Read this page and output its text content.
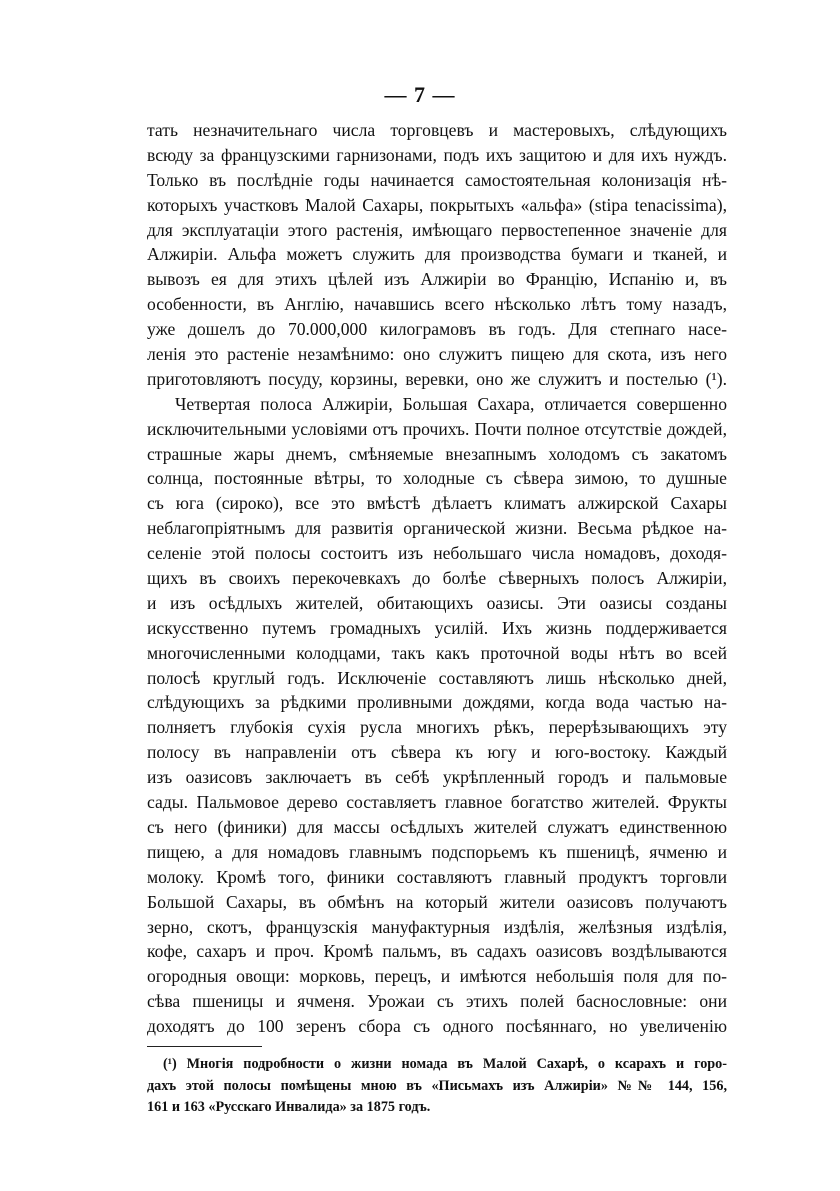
— 7 —
тать незначительнаго числа торговцевъ и мастеровыхъ, слѣдующихъ
всюду за французскими гарнизонами, подъ ихъ защитою и для ихъ нуждъ.
Только въ послѣдніе годы начинается самостоятельная колонизація нѣ-
которыхъ участковъ Малой Сахары, покрытыхъ «альфа» (stipa tenacissima),
для эксплуатаціи этого растенія, имѣющаго первостепенное значеніе для
Алжиріи. Альфа можетъ служить для производства бумаги и тканей, и
вывозъ ея для этихъ цѣлей изъ Алжиріи во Францію, Испанію и, въ
особенности, въ Англію, начавшись всего нѣсколько лѣтъ тому назадъ,
уже дошелъ до 70.000,000 килограмовъ въ годъ. Для степнаго насе-
ленія это растеніе незамѣнимо: оно служитъ пищею для скота, изъ него
приготовляютъ посуду, корзины, веревки, оно же служитъ и постелью (¹).
Четвертая полоса Алжиріи, Большая Сахара, отличается совершенно
исключительными условіями отъ прочихъ. Почти полное отсутствіе дождей,
страшные жары днемъ, смѣняемые внезапнымъ холодомъ съ закатомъ
солнца, постоянные вѣтры, то холодные съ сѣвера зимою, то душные
съ юга (сироко), все это вмѣстѣ дѣлаетъ климатъ алжирской Сахары
неблагопріятнымъ для развитія органической жизни. Весьма рѣдкое на-
селеніе этой полосы состоитъ изъ небольшаго числа номадовъ, доходя-
щихъ въ своихъ перекочевкахъ до болѣе сѣверныхъ полосъ Алжиріи,
и изъ осѣдлыхъ жителей, обитающихъ оазисы. Эти оазисы созданы
искусственно путемъ громадныхъ усилій. Ихъ жизнь поддерживается
многочисленными колодцами, такъ какъ проточной воды нѣтъ во всей
полосѣ круглый годъ. Исключеніе составляютъ лишь нѣсколько дней,
слѣдующихъ за рѣдкими проливными дождями, когда вода частью на-
полняетъ глубокія сухія русла многихъ рѣкъ, перерѣзывающихъ эту
полосу въ направленіи отъ сѣвера къ югу и юго-востоку. Каждый
изъ оазисовъ заключаетъ въ себѣ укрѣпленный городъ и пальмовые
сады. Пальмовое дерево составляетъ главное богатство жителей. Фрукты
съ него (финики) для массы осѣдлыхъ жителей служатъ единственною
пищею, а для номадовъ главнымъ подспорьемъ къ пшеницѣ, ячменю и
молоку. Кромѣ того, финики составляютъ главный продуктъ торговли
Большой Сахары, въ обмѣнъ на который жители оазисовъ получаютъ
зерно, скотъ, французскія мануфактурныя издѣлія, желѣзныя издѣлія,
кофе, сахаръ и проч. Кромѣ пальмъ, въ садахъ оазисовъ воздѣлываются
огородныя овощи: морковь, перецъ, и имѣются небольшія поля для по-
сѣва пшеницы и ячменя. Урожаи съ этихъ полей баснословные: они
доходятъ до 100 зеренъ сбора съ одного посѣяннаго, но увеличенію
(¹) Многія подробности о жизни номада въ Малой Сахарѣ, о ксарахъ и горо-
дахъ этой полосы помѣщены мною въ «Письмахъ изъ Алжиріи» №№ 144, 156,
161 и 163 «Русскаго Инвалида» за 1875 годъ.
